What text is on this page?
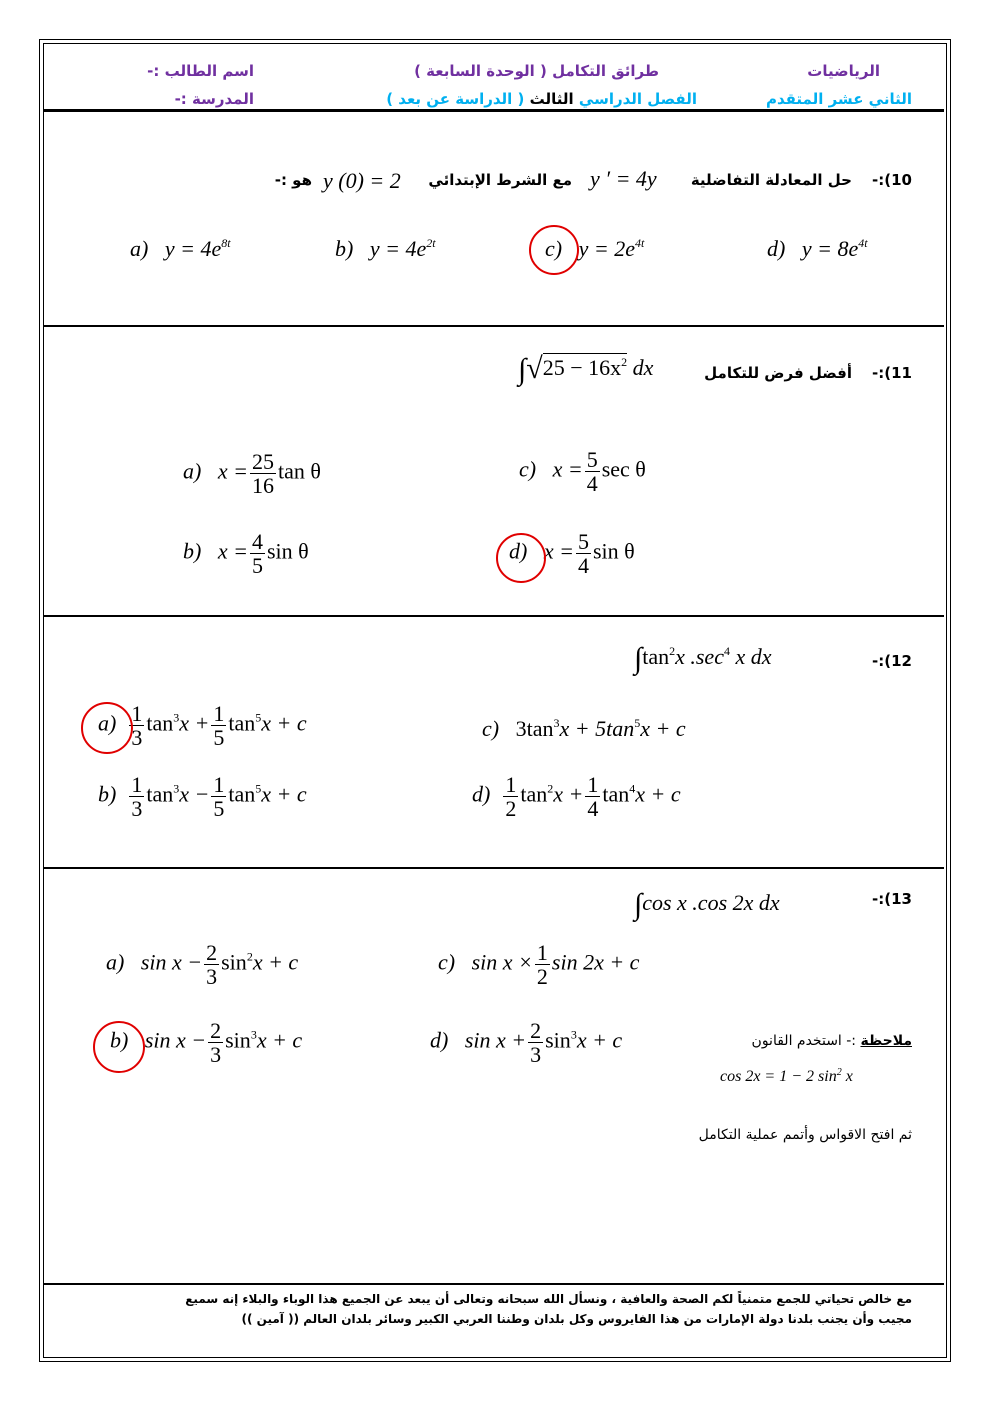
الرياضيات
الثاني عشر المتقدم
طرائق التكامل ( الوحدة السابعة )
الفصل الدراسي الثالث ( الدراسة عن بعد )
اسم الطالب :-
المدرسة :-
10):-
حل المعادلة التفاضلية
y ′ = 4y
مع الشرط الإبتدائي
y (0) = 2
هو :-
a) $y = 4e^{8t}$	b) $y = 4e^{2t}$	c) $y = 2e^{4t}$	d) $y = 8e^{4t}$
11):-
أفضل فرض للتكامل
$\int√25 - 16x^2$ dx
a) $x = \frac{25}{16}$ tan θ	c) $x = \frac{5}{4}$ sec θ
b) $x = \frac{4}{5}$ sin θ	d) $x = \frac{5}{4}$ sin θ
12):-
$\int\tan^2x$ $.\sec^4$ x dx
$a) \frac{1}{3} \tan^3x + \frac{1}{5} \tan^5x + c$	c) $3\tan^3x + 5\tan^5x + c$
$b) \frac{1}{3} \tan^3x - \frac{1}{5} \tan^5x + c$	$d) \frac{1}{2} \tan^2x + \frac{1}{4} \tan^4x + c$
13):-
∫cos x .cos 2x dx
a) $\sin x - \frac{2}{3} \sin^2x + c$	c) $\sin x \times \frac{1}{2}$ sin 2x + c
b) $\sin x - \frac{2}{3} \sin^3x + c$	d) $\sin x + \frac{2}{3} \sin^3x + c$	ملاحظة :- استخدم القانون
cos 2x = 1 − 2 $\sin^2 x$
ثم افتح الاقواس وأتمم عملية التكامل
مع خالص تحياتي للجمع متمنياً لكم الصحة والعافية ، ونسأل الله سبحانه وتعالى أن يبعد عن الجميع هذا الوباء والبلاء إنه سميع
مجيب وأن يجنب بلدنا دولة الإمارات من هذا الفايروس وكل بلدان وطننا العربي الكبير وسائر بلدان العالم (( آمين ))
